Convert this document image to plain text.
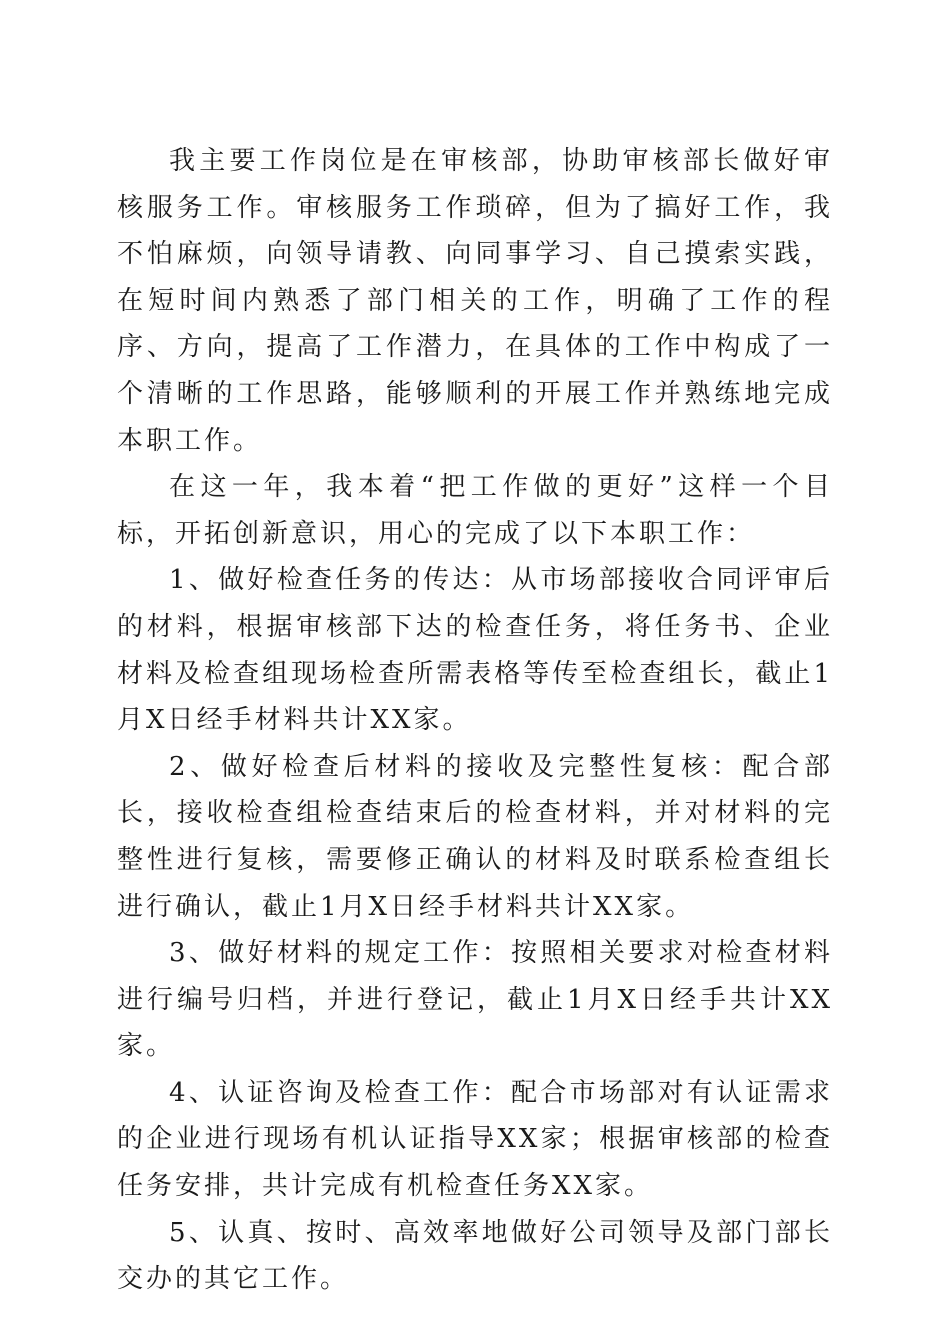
我主要工作岗位是在审核部，协助审核部长做好审核服务工作。审核服务工作琐碎，但为了搞好工作，我不怕麻烦，向领导请教、向同事学习、自己摸索实践，在短时间内熟悉了部门相关的工作，明确了工作的程序、方向，提高了工作潜力，在具体的工作中构成了一个清晰的工作思路，能够顺利的开展工作并熟练地完成本职工作。

在这一年，我本着“把工作做的更好”这样一个目标，开拓创新意识，用心的完成了以下本职工作：

1、做好检查任务的传达：从市场部接收合同评审后的材料，根据审核部下达的检查任务，将任务书、企业材料及检查组现场检查所需表格等传至检查组长，截止1月X日经手材料共计XX家。

2、做好检查后材料的接收及完整性复核：配合部长，接收检查组检查结束后的检查材料，并对材料的完整性进行复核，需要修正确认的材料及时联系检查组长进行确认，截止1月X日经手材料共计XX家。

3、做好材料的规定工作：按照相关要求对检查材料进行编号归档，并进行登记，截止1月X日经手共计XX家。

4、认证咨询及检查工作：配合市场部对有认证需求的企业进行现场有机认证指导XX家；根据审核部的检查任务安排，共计完成有机检查任务XX家。

5、认真、按时、高效率地做好公司领导及部门部长交办的其它工作。
